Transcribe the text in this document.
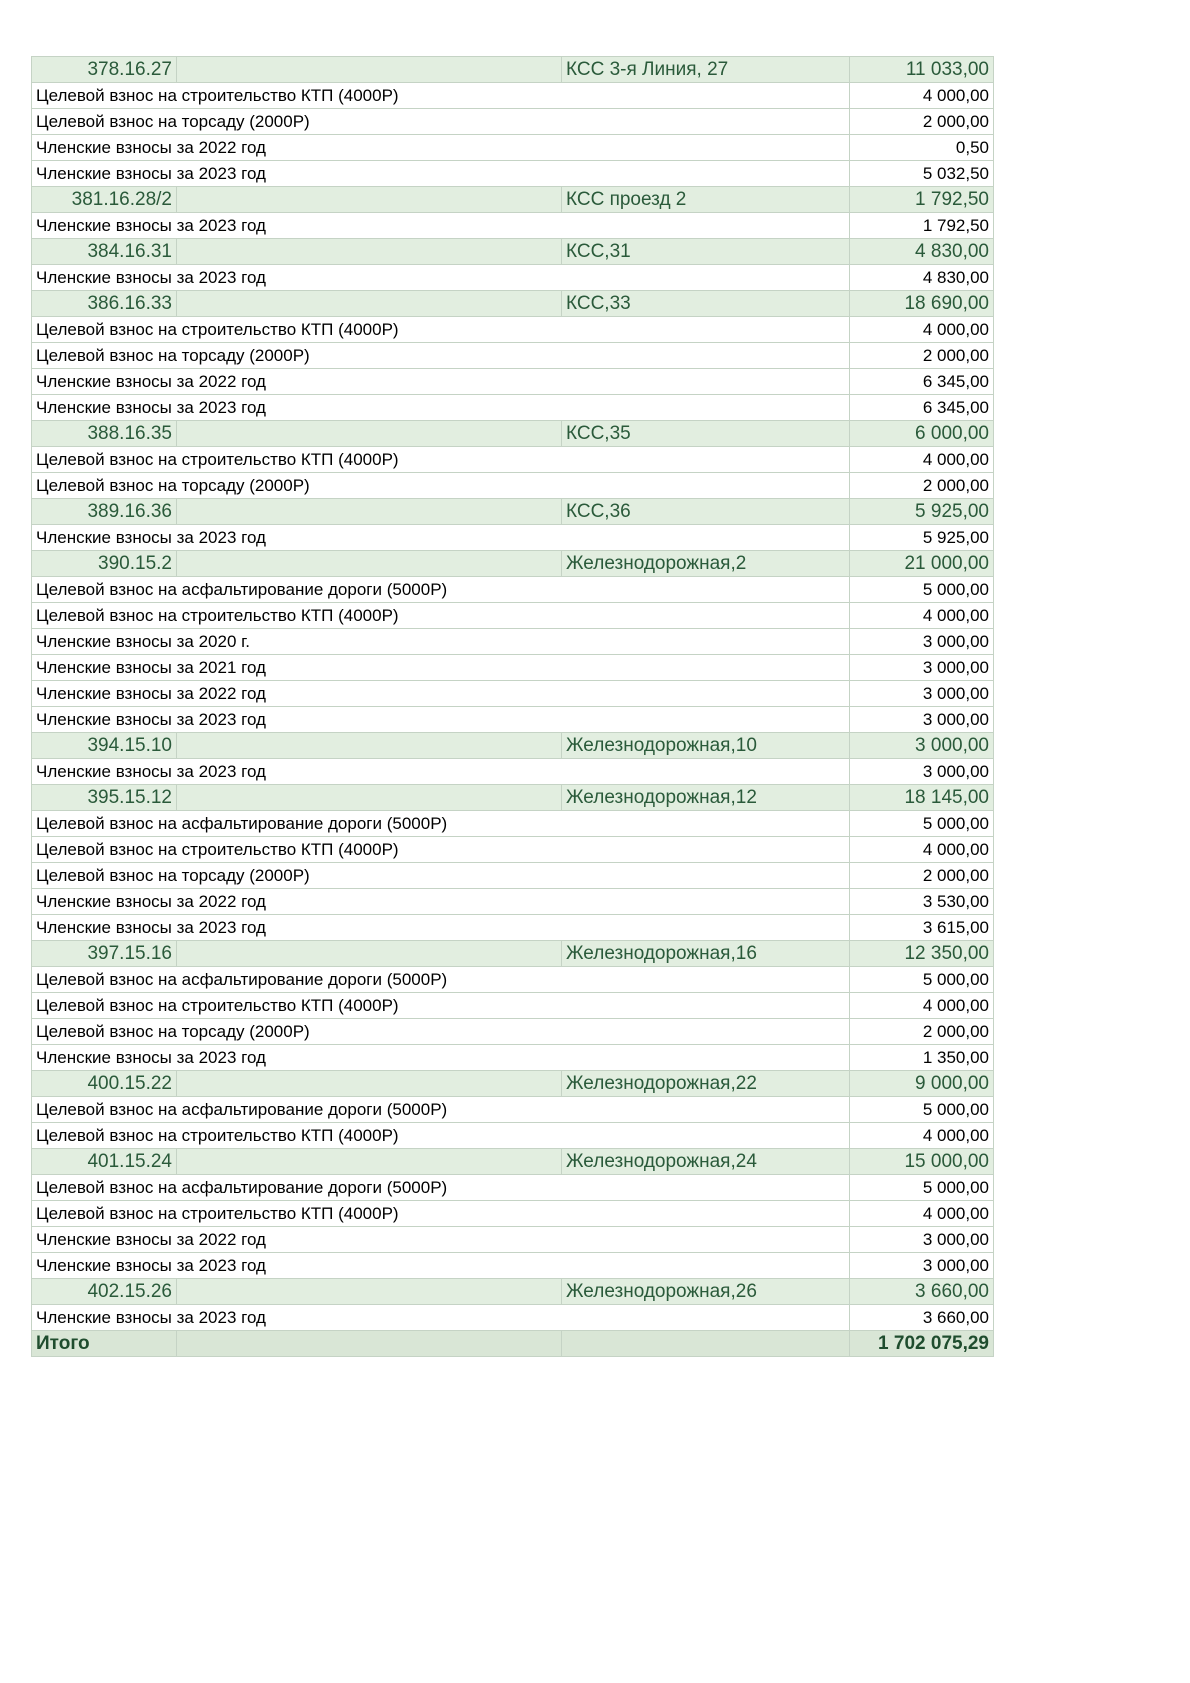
378.16.27		КСС 3-я Линия, 27	11 033,00
Целевой взнос на строительство КТП (4000Р)			4 000,00
Целевой взнос на торсаду (2000Р)			2 000,00
Членские взносы за 2022 год			0,50
Членские взносы за 2023 год			5 032,50
381.16.28/2		КСС проезд 2	1 792,50
Членские взносы за 2023 год			1 792,50
384.16.31		КСС,31	4 830,00
Членские взносы за 2023 год			4 830,00
386.16.33		КСС,33	18 690,00
Целевой взнос на строительство КТП (4000Р)			4 000,00
Целевой взнос на торсаду (2000Р)			2 000,00
Членские взносы за 2022 год			6 345,00
Членские взносы за 2023 год			6 345,00
388.16.35		КСС,35	6 000,00
Целевой взнос на строительство КТП (4000Р)			4 000,00
Целевой взнос на торсаду (2000Р)			2 000,00
389.16.36		КСС,36	5 925,00
Членские взносы за 2023 год			5 925,00
390.15.2		Железнодорожная,2	21 000,00
Целевой взнос на асфальтирование дороги (5000Р)			5 000,00
Целевой взнос на строительство КТП (4000Р)			4 000,00
Членские взносы за 2020 г.			3 000,00
Членские взносы за 2021 год			3 000,00
Членские взносы за 2022 год			3 000,00
Членские взносы за 2023 год			3 000,00
394.15.10		Железнодорожная,10	3 000,00
Членские взносы за 2023 год			3 000,00
395.15.12		Железнодорожная,12	18 145,00
Целевой взнос на асфальтирование дороги (5000Р)			5 000,00
Целевой взнос на строительство КТП (4000Р)			4 000,00
Целевой взнос на торсаду (2000Р)			2 000,00
Членские взносы за 2022 год			3 530,00
Членские взносы за 2023 год			3 615,00
397.15.16		Железнодорожная,16	12 350,00
Целевой взнос на асфальтирование дороги (5000Р)			5 000,00
Целевой взнос на строительство КТП (4000Р)			4 000,00
Целевой взнос на торсаду (2000Р)			2 000,00
Членские взносы за 2023 год			1 350,00
400.15.22		Железнодорожная,22	9 000,00
Целевой взнос на асфальтирование дороги (5000Р)			5 000,00
Целевой взнос на строительство КТП (4000Р)			4 000,00
401.15.24		Железнодорожная,24	15 000,00
Целевой взнос на асфальтирование дороги (5000Р)			5 000,00
Целевой взнос на строительство КТП (4000Р)			4 000,00
Членские взносы за 2022 год			3 000,00
Членские взносы за 2023 год			3 000,00
402.15.26		Железнодорожная,26	3 660,00
Членские взносы за 2023 год			3 660,00
Итого			1 702 075,29
